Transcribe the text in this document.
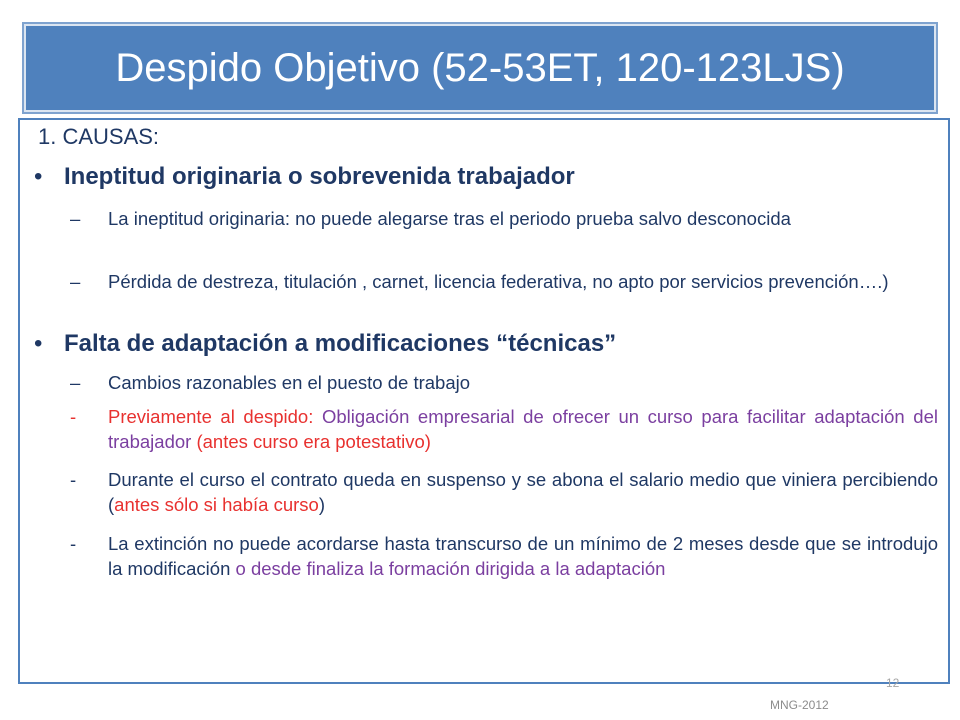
Despido Objetivo (52-53ET, 120-123LJS)
1. CAUSAS:
• Ineptitud originaria o sobrevenida trabajador
– La ineptitud originaria: no puede alegarse tras el periodo prueba salvo desconocida
– Pérdida de destreza, titulación , carnet, licencia federativa, no apto por servicios prevención….)
• Falta de adaptación a modificaciones “técnicas”
– Cambios razonables en el puesto de trabajo
- Previamente al despido: Obligación empresarial de ofrecer un curso para facilitar adaptación del trabajador (antes curso era potestativo)
- Durante el curso el contrato queda en suspenso y se abona el salario medio que viniera percibiendo (antes sólo si había curso)
- La extinción no puede acordarse hasta transcurso de un mínimo de 2 meses desde que se introdujo la modificación o desde finaliza la formación dirigida a la adaptación
12
MNG-2012
